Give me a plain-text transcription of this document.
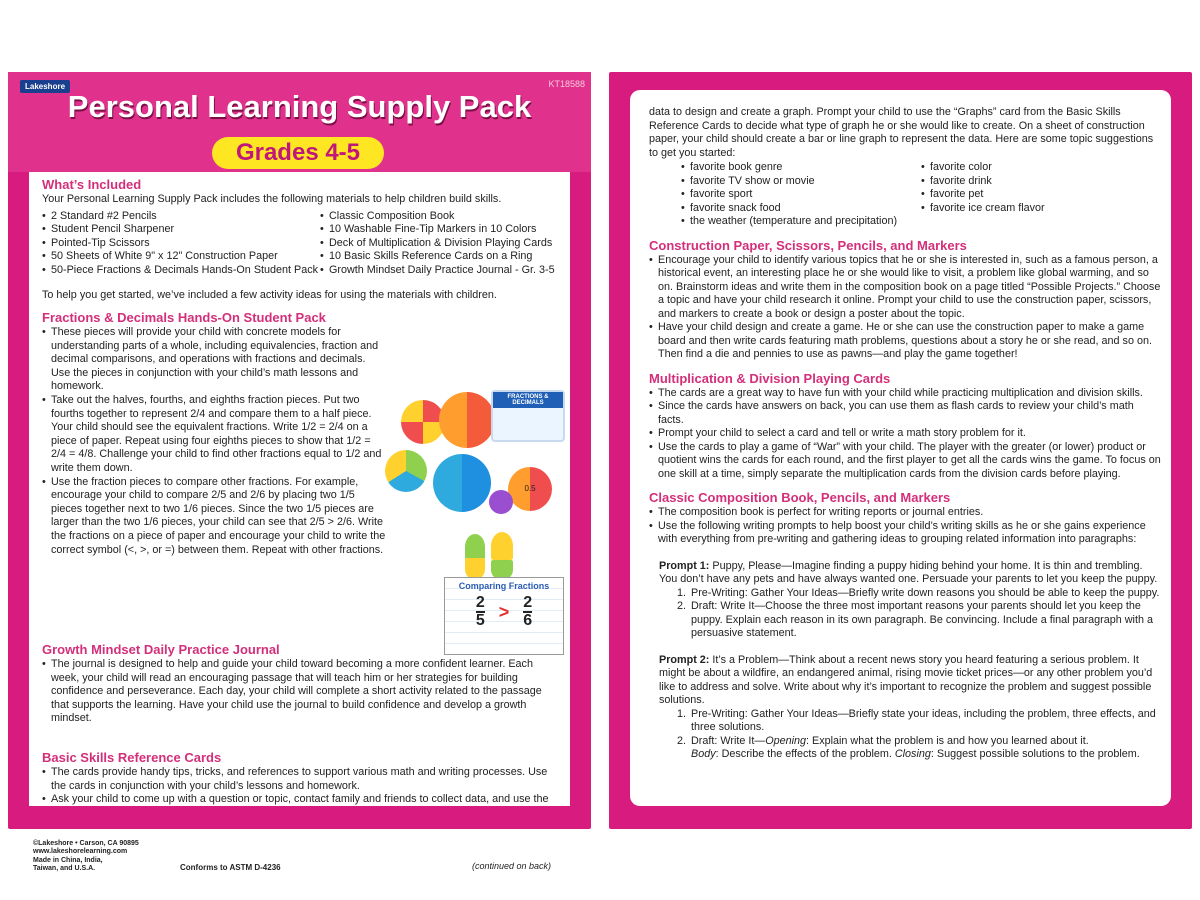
Lakeshore	KT18588
Personal Learning Supply Pack
Grades 4-5
What’s Included

Your Personal Learning Supply Pack includes the following materials to help children build skills.

• 2 Standard #2 Pencils
• Student Pencil Sharpener
• Pointed-Tip Scissors
• 50 Sheets of White 9" x 12" Construction Paper
• 50-Piece Fractions & Decimals Hands-On Student Pack
• Classic Composition Book
• 10 Washable Fine-Tip Markers in 10 Colors
• Deck of Multiplication & Division Playing Cards
• 10 Basic Skills Reference Cards on a Ring
• Growth Mindset Daily Practice Journal - Gr. 3-5

To help you get started, we’ve included a few activity ideas for using the materials with children.

Fractions & Decimals Hands-On Student Pack
• These pieces will provide your child with concrete models for understanding parts of a whole, including equivalencies, fraction and decimal comparisons, and operations with fractions and decimals. Use the pieces in conjunction with your child’s math lessons and homework.
• Take out the halves, fourths, and eighths fraction pieces. Put two fourths together to represent 2/4 and compare them to a half piece. Your child should see the equivalent fractions. Write 1/2 = 2/4 on a piece of paper. Repeat using four eighths pieces to show that 1/2 = 2/4 = 4/8. Challenge your child to find other fractions equal to 1/2 and write them down.
• Use the fraction pieces to compare other fractions. For example, encourage your child to compare 2/5 and 2/6 by placing two 1/5 pieces together next to two 1/6 pieces. Since the two 1/5 pieces are larger than the two 1/6 pieces, your child can see that 2/5 > 2/6. Write the fractions on a piece of paper and encourage your child to write the correct symbol (<, >, or =) between them. Repeat with other fractions.
0.5
FRACTIONS & DECIMALS
Comparing Fractions
$\frac{2}{5} > \frac{2}{6}$
Growth Mindset Daily Practice Journal
• The journal is designed to help and guide your child toward becoming a more confident learner. Each week, your child will read an encouraging passage that will teach him or her strategies for building confidence and perseverance. Each day, your child will complete a short activity related to the passage that supports the learning. Have your child use the journal to build confidence and develop a growth mindset.
Basic Skills Reference Cards
• The cards provide handy tips, tricks, and references to support various math and writing processes. Use the cards in conjunction with your child’s lessons and homework.
• Ask your child to come up with a question or topic, contact family and friends to collect data, and use the
©Lakeshore • Carson, CA 90895
www.lakeshorelearning.com
Made in China, India,
Taiwan, and U.S.A.	Conforms to ASTM D-4236	(continued on back)

data to design and create a graph. Prompt your child to use the “Graphs” card from the Basic Skills Reference Cards to decide what type of graph he or she would like to create. On a sheet of construction paper, your child should create a bar or line graph to represent the data. Here are some topic suggestions to get you started:

• favorite book genre
• favorite TV show or movie
• favorite sport
• favorite snack food
• the weather (temperature and precipitation)
• favorite color
• favorite drink
• favorite pet
• favorite ice cream flavor
Construction Paper, Scissors, Pencils, and Markers
• Encourage your child to identify various topics that he or she is interested in, such as a famous person, a historical event, an interesting place he or she would like to visit, a problem like global warming, and so on. Brainstorm ideas and write them in the composition book on a page titled “Possible Projects.” Choose a topic and have your child research it online. Prompt your child to use the construction paper, scissors, and markers to create a book or design a poster about the topic.
• Have your child design and create a game. He or she can use the construction paper to make a game board and then write cards featuring math problems, questions about a story he or she read, and so on. Then find a die and pennies to use as pawns—and play the game together!
Multiplication & Division Playing Cards
• The cards are a great way to have fun with your child while practicing multiplication and division skills.
• Since the cards have answers on back, you can use them as flash cards to review your child’s math facts.
• Prompt your child to select a card and tell or write a math story problem for it.
• Use the cards to play a game of “War” with your child. The player with the greater (or lower) product or quotient wins the cards for each round, and the first player to get all the cards wins the game. To focus on one skill at a time, simply separate the multiplication cards from the division cards before playing.
Classic Composition Book, Pencils, and Markers
• The composition book is perfect for writing reports or journal entries.
• Use the following writing prompts to help boost your child’s writing skills as he or she gains experience with everything from pre-writing and gathering ideas to grouping related information into paragraphs:

Prompt 1: Puppy, Please—Imagine finding a puppy hiding behind your home. It is thin and trembling. You don’t have any pets and have always wanted one. Persuade your parents to let you keep the puppy.

1. Pre-Writing: Gather Your Ideas—Briefly write down reasons you should be able to keep the puppy.
2. Draft: Write It—Choose the three most important reasons your parents should let you keep the puppy. Explain each reason in its own paragraph. Be convincing. Include a final paragraph with a persuasive statement.

Prompt 2: It’s a Problem—Think about a recent news story you heard featuring a serious problem. It might be about a wildfire, an endangered animal, rising movie ticket prices—or any other problem you’d like to address and solve. Write about why it’s important to recognize the problem and suggest possible solutions.

1. Pre-Writing: Gather Your Ideas—Briefly state your ideas, including the problem, three effects, and three solutions.
2. Draft: Write It—Opening: Explain what the problem is and how you learned about it.
Body: Describe the effects of the problem. Closing: Suggest possible solutions to the problem.
